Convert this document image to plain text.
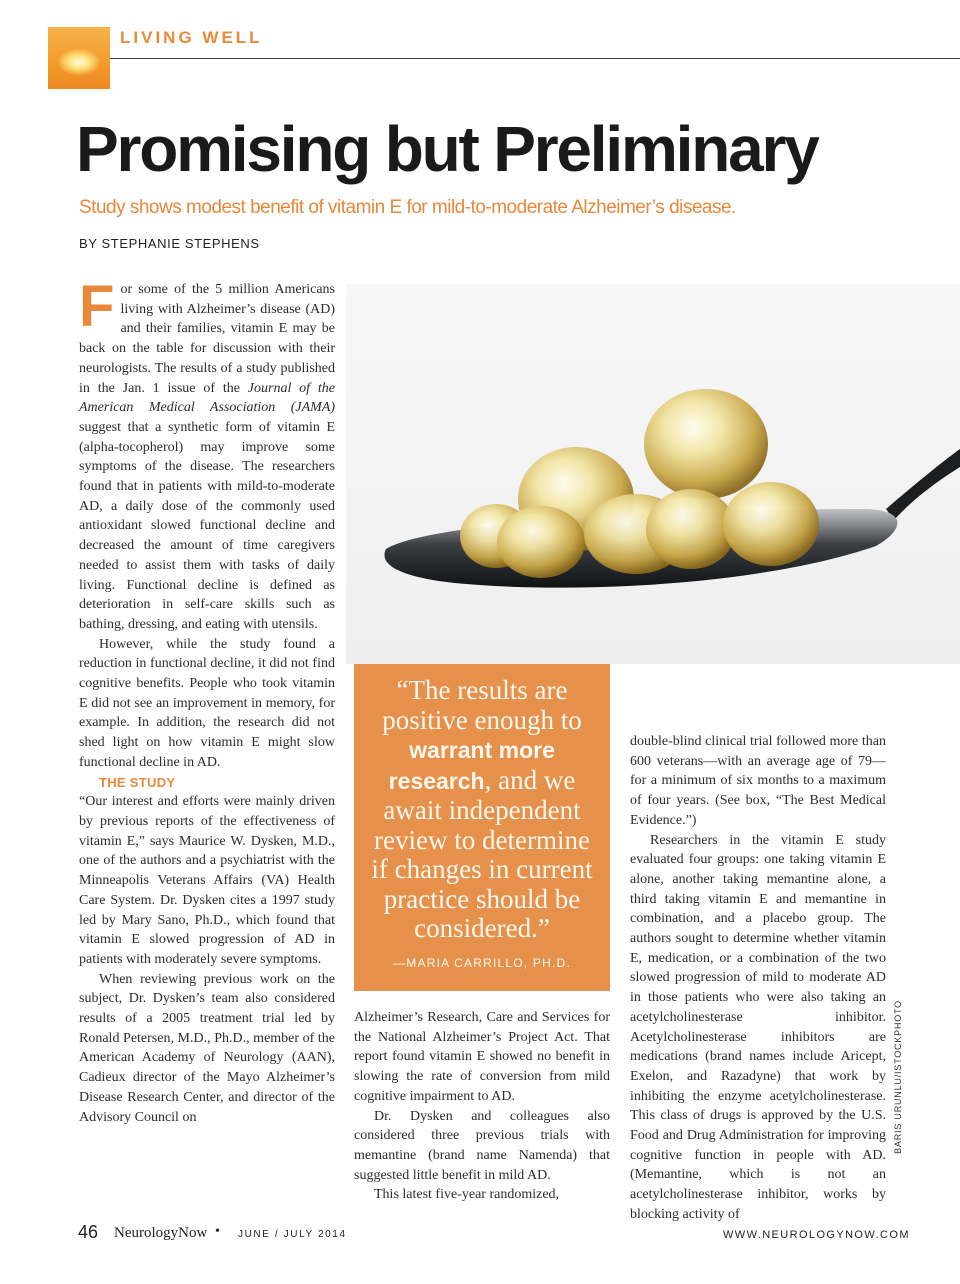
LIVING WELL
Promising but Preliminary
Study shows modest benefit of vitamin E for mild-to-moderate Alzheimer’s disease.
BY STEPHANIE STEPHENS

For some of the 5 million Americans living with Alzheimer’s disease (AD) and their families, vitamin E may be back on the table for discussion with their neurologists. The results of a study published in the Jan. 1 issue of the Journal of the American Medical Association (JAMA) suggest that a synthetic form of vitamin E (alpha-tocopherol) may improve some symptoms of the disease. The researchers found that in patients with mild-to-moderate AD, a daily dose of the commonly used antioxidant slowed functional decline and decreased the amount of time caregivers needed to assist them with tasks of daily living. Functional decline is defined as deterioration in self-care skills such as bathing, dressing, and eating with utensils.

However, while the study found a reduction in functional decline, it did not find cognitive benefits. People who took vitamin E did not see an improvement in memory, for example. In addition, the research did not shed light on how vitamin E might slow functional decline in AD.

THE STUDY

“Our interest and efforts were mainly driven by previous reports of the effectiveness of vitamin E,” says Maurice W. Dysken, M.D., one of the authors and a psychiatrist with the Minneapolis Veterans Affairs (VA) Health Care System. Dr. Dysken cites a 1997 study led by Mary Sano, Ph.D., which found that vitamin E slowed progression of AD in patients with moderately severe symptoms.

When reviewing previous work on the subject, Dr. Dysken’s team also considered results of a 2005 treatment trial led by Ronald Petersen, M.D., Ph.D., member of the American Academy of Neurology (AAN), Cadieux director of the Mayo Alzheimer’s Disease Research Center, and director of the Advisory Council on	BARIS URUNLU/ISTOCKPHOTO
“The results are positive enough to warrant more research, and we await independent review to determine if changes in current practice should be considered.”
—MARIA CARRILLO, PH.D.

Alzheimer’s Research, Care and Services for the National Alzheimer’s Project Act. That report found vitamin E showed no benefit in slowing the rate of conversion from mild cognitive impairment to AD.

Dr. Dysken and colleagues also considered three previous trials with memantine (brand name Namenda) that suggested little benefit in mild AD.

This latest five-year randomized,

double-blind clinical trial followed more than 600 veterans—with an average age of 79—for a minimum of six months to a maximum of four years. (See box, “The Best Medical Evidence.”)

Researchers in the vitamin E study evaluated four groups: one taking vitamin E alone, another taking memantine alone, a third taking vitamin E and memantine in combination, and a placebo group. The authors sought to determine whether vitamin E, medication, or a combination of the two slowed progression of mild to moderate AD in those patients who were also taking an acetylcholinesterase inhibitor. Acetylcholinesterase inhibitors are medications (brand names include Aricept, Exelon, and Razadyne) that work by inhibiting the enzyme acetylcholinesterase. This class of drugs is approved by the U.S. Food and Drug Administration for improving cognitive function in people with AD. (Memantine, which is not an acetylcholinesterase inhibitor, works by blocking activity of

46 NeurologyNow • JUNE / JULY 2014	WWW.NEUROLOGYNOW.COM
